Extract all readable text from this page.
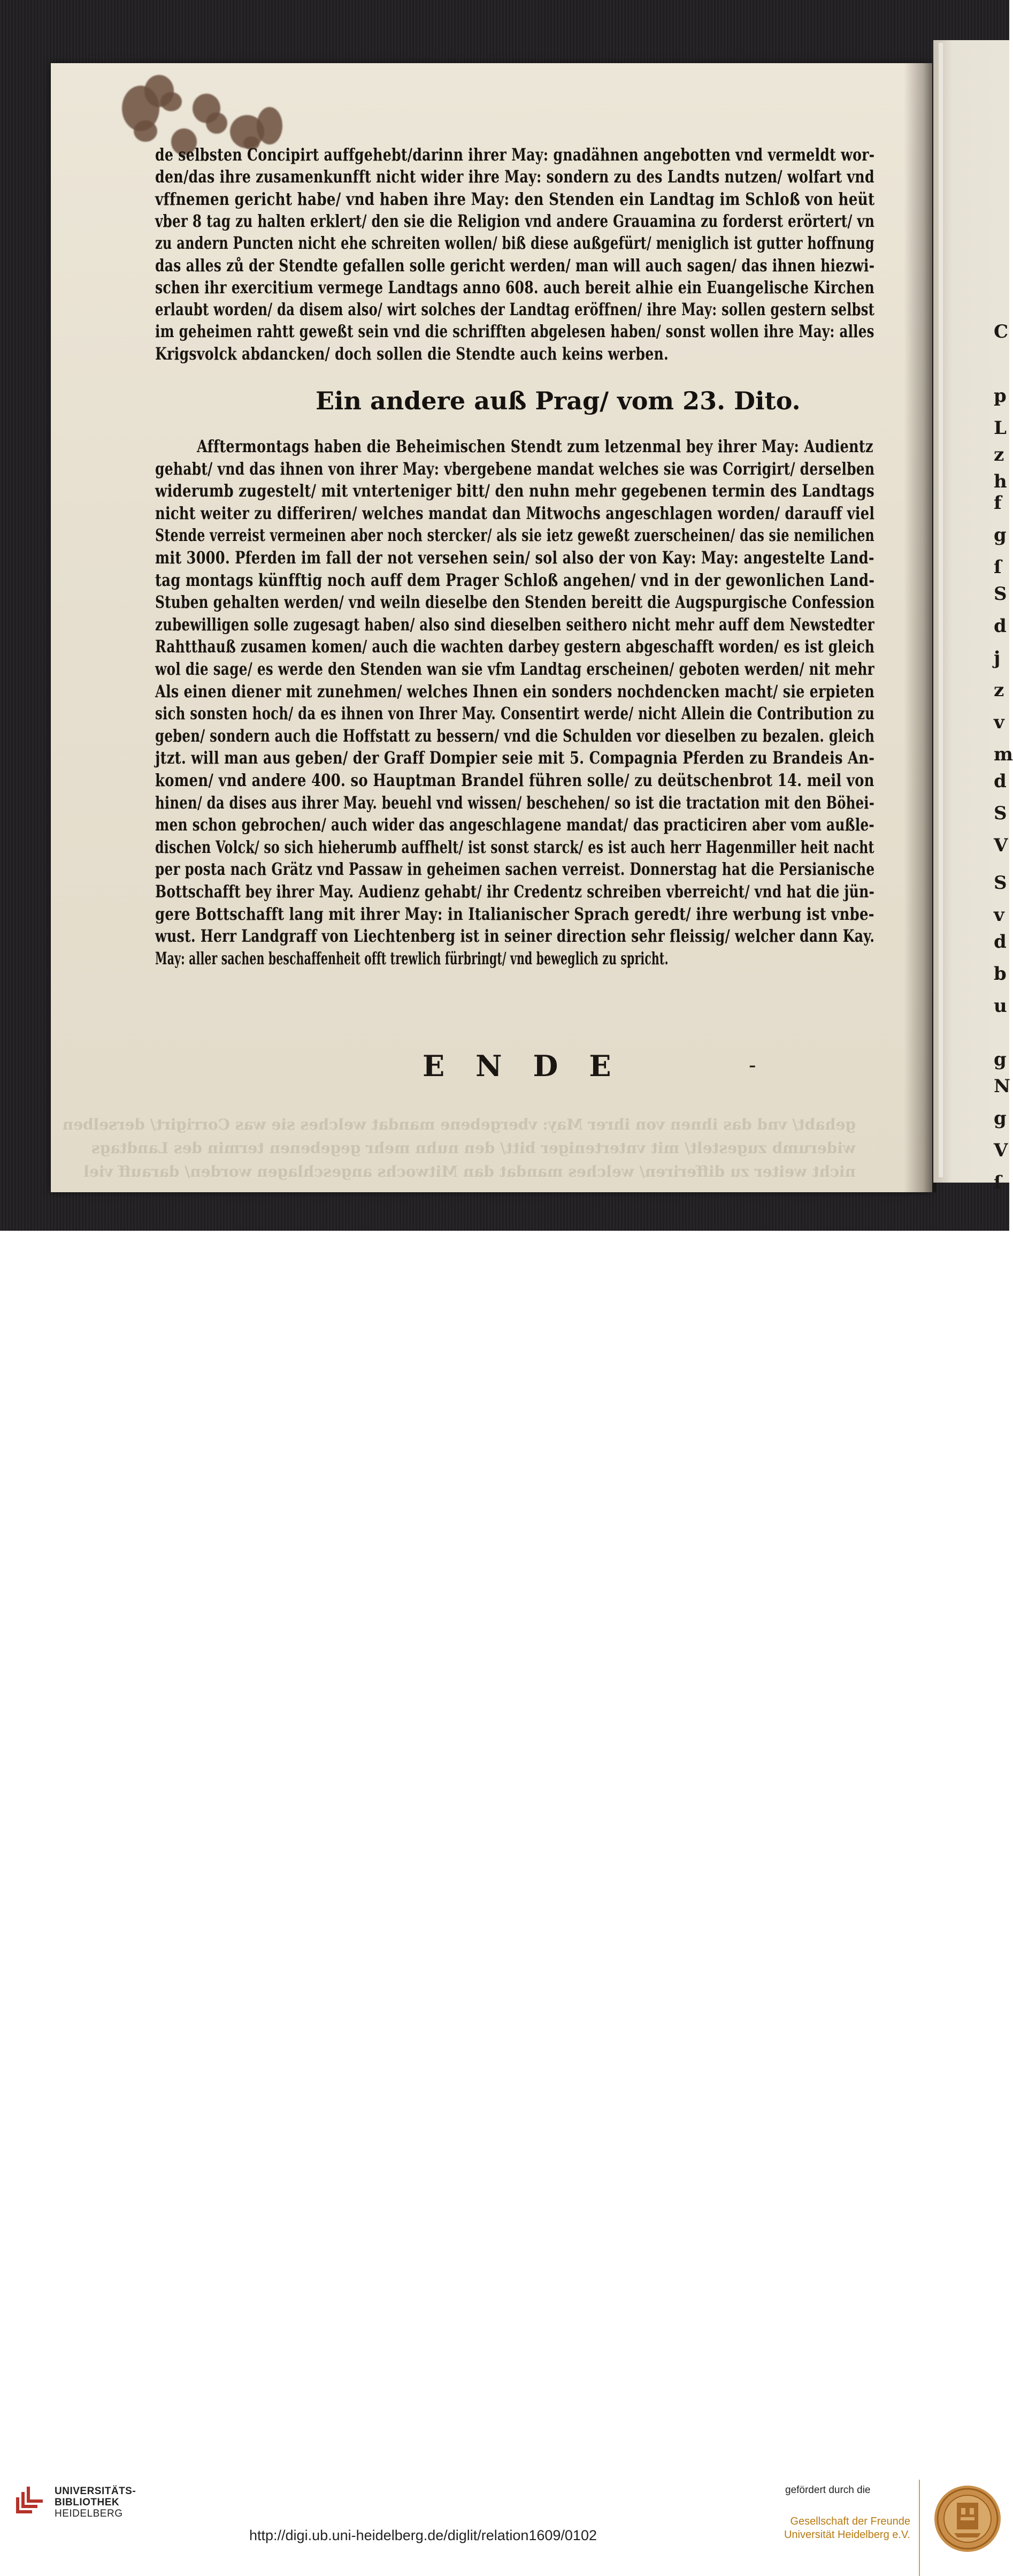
de selbsten Concipirt auffgehebt/darinn ihrer May: gnadähnen angebotten vnd vermeldt wor-
den/das ihre zusamenkunfft nicht wider ihre May: sondern zu des Landts nutzen/ wolfart vnd
vffnemen gericht habe/ vnd haben ihre May: den Stenden ein Landtag im Schloß von heüt
vber 8 tag zu halten erklert/ den sie die Religion vnd andere Grauamina zu forderst erörtert/ vn
zu andern Puncten nicht ehe schreiten wollen/ biß diese außgefürt/ meniglich ist gutter hoffnung
das alles zů der Stendte gefallen solle gericht werden/ man will auch sagen/ das ihnen hiezwi-
schen ihr exercitium vermege Landtags anno 608. auch bereit alhie ein Euangelische Kirchen
erlaubt worden/ da disem also/ wirt solches der Landtag eröffnen/ ihre May: sollen gestern selbst
im geheimen rahtt geweßt sein vnd die schrifften abgelesen haben/ sonst wollen ihre May: alles
Krigsvolck abdancken/ doch sollen die Stendte auch keins werben.
Afftermontags haben die Beheimischen Stendt zum letzenmal bey ihrer May: Audientz
gehabt/ vnd das ihnen von ihrer May: vbergebene mandat welches sie was Corrigirt/ derselben
widerumb zugestelt/ mit vnterteniger bitt/ den nuhn mehr gegebenen termin des Landtags
nicht weiter zu differiren/ welches mandat dan Mitwochs angeschlagen worden/ darauff viel
Stende verreist vermeinen aber noch stercker/ als sie ietz geweßt zuerscheinen/ das sie nemilichen
mit 3000. Pferden im fall der not versehen sein/ sol also der von Kay: May: angestelte Land-
tag montags künfftig noch auff dem Prager Schloß angehen/ vnd in der gewonlichen Land-
Stuben gehalten werden/ vnd weiln dieselbe den Stenden bereitt die Augspurgische Confession
zubewilligen solle zugesagt haben/ also sind dieselben seithero nicht mehr auff dem Newstedter
Rahtthauß zusamen komen/ auch die wachten darbey gestern abgeschafft worden/ es ist gleich
wol die sage/ es werde den Stenden wan sie vfm Landtag erscheinen/ geboten werden/ nit mehr
Als einen diener mit zunehmen/ welches Ihnen ein sonders nochdencken macht/ sie erpieten
sich sonsten hoch/ da es ihnen von Ihrer May. Consentirt werde/ nicht Allein die Contribution zu
geben/ sondern auch die Hoffstatt zu bessern/ vnd die Schulden vor dieselben zu bezalen. gleich
jtzt. will man aus geben/ der Graff Dompier seie mit 5. Compagnia Pferden zu Brandeis An-
komen/ vnd andere 400. so Hauptman Brandel führen solle/ zu deütschenbrot 14. meil von
hinen/ da dises aus ihrer May. beuehl vnd wissen/ beschehen/ so ist die tractation mit den Böhei-
men schon gebrochen/ auch wider das angeschlagene mandat/ das practiciren aber vom außle-
dischen Volck/ so sich hieherumb auffhelt/ ist sonst starck/ es ist auch herr Hagenmiller heit nacht
per posta nach Grätz vnd Passaw in geheimen sachen verreist. Donnerstag hat die Persianische
Bottschafft bey ihrer May. Audienz gehabt/ ihr Credentz schreiben vberreicht/ vnd hat die jün-
gere Bottschafft lang mit ihrer May: in Italianischer Sprach geredt/ ihre werbung ist vnbe-
wust. Herr Landgraff von Liechtenberg ist in seiner direction sehr fleissig/ welcher dann Kay.
May: aller sachen beschaffenheit offt trewlich fürbringt/ vnd beweglich zu spricht.
Ein andere auß Prag/ vom 23. Dito.
ENDE	-
gehabt/ vnd das ihnen von ihrer May: vbergebene mandat welches sie was Corrigirt/ derselben
widerumb zugestelt/ mit vnterteniger bitt/ den nuhn mehr gegebenen termin des Landtags
nicht weiter zu differiren/ welches mandat dan Mitwochs angeschlagen worden/ darauff viel
C
p
L
z
h
f
g
ſ
S
d
j
z
v
m
d
S
V
S
v
d
b
u
g
N
g
V
ſ
UNIVERSITÄTS-
BIBLIOTHEK
HEIDELBERG
http://digi.ub.uni-heidelberg.de/diglit/relation1609/0102
gefördert durch die
Gesellschaft der Freunde
Universität Heidelberg e.V.
